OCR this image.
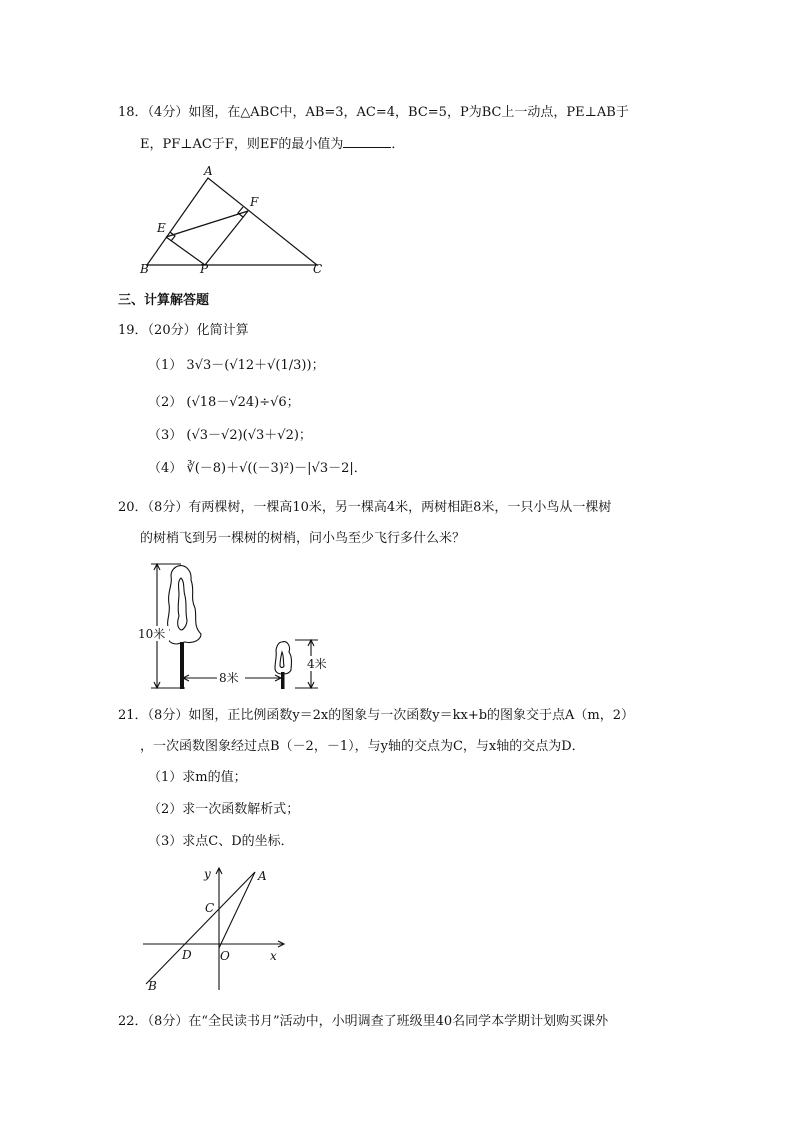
18．（4分）如图，在△ABC中，AB=3，AC=4，BC=5，P为BC上一动点，PE⊥AB于
E，PF⊥AC于F，则EF的最小值为	．
A
B	C
E
F
P
三、计算解答题
19．（20分）化简计算
（1） 3√3－(√12＋√(1/3))；
（2） (√18－√24)÷√6；
（3） (√3－√2)(√3＋√2)；
（4） ∛(－8)＋√((－3)²)－|√3－2|．
20．（8分）有两棵树，一棵高10米，另一棵高4米，两树相距8米，一只小鸟从一棵树
的树梢飞到另一棵树的树梢，问小鸟至少飞行多什么米？
10米
8米
4米
21．（8分）如图，正比例函数y＝2x的图象与一次函数y＝kx+b的图象交于点A（m，2）
，一次函数图象经过点B（－2，－1），与y轴的交点为C，与x轴的交点为D．
（1）求m的值；
（2）求一次函数解析式；
（3）求点C、D的坐标．
y
x
A
B
C
D O
22．（8分）在“全民读书月”活动中，小明调查了班级里40名同学本学期计划购买课外
